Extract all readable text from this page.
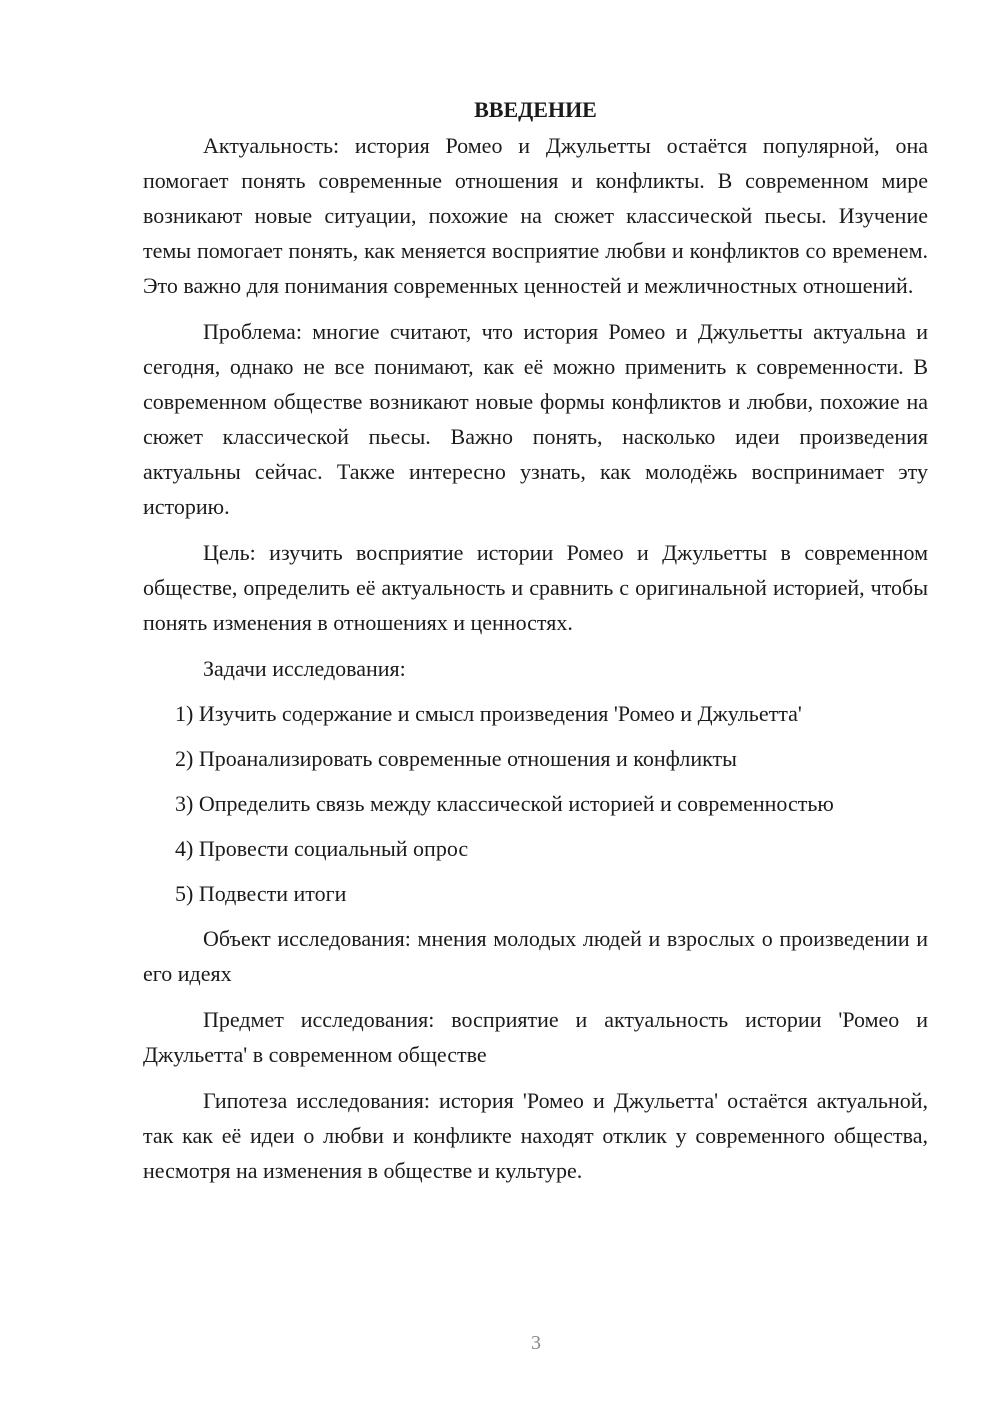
ВВЕДЕНИЕ

Актуальность: история Ромео и Джульетты остаётся популярной, она помогает понять современные отношения и конфликты. В современном мире возникают новые ситуации, похожие на сюжет классической пьесы. Изучение темы помогает понять, как меняется восприятие любви и конфликтов со временем. Это важно для понимания современных ценностей и межличностных отношений.

Проблема: многие считают, что история Ромео и Джульетты актуальна и сегодня, однако не все понимают, как её можно применить к современности. В современном обществе возникают новые формы конфликтов и любви, похожие на сюжет классической пьесы. Важно понять, насколько идеи произведения актуальны сейчас. Также интересно узнать, как молодёжь воспринимает эту историю.

Цель: изучить восприятие истории Ромео и Джульетты в современном обществе, определить её актуальность и сравнить с оригинальной историей, чтобы понять изменения в отношениях и ценностях.

Задачи исследования:

1) Изучить содержание и смысл произведения 'Ромео и Джульетта'
2) Проанализировать современные отношения и конфликты
3) Определить связь между классической историей и современностью
4) Провести социальный опрос
5) Подвести итоги

Объект исследования: мнения молодых людей и взрослых о произведении и его идеях

Предмет исследования: восприятие и актуальность истории 'Ромео и Джульетта' в современном обществе

Гипотеза исследования: история 'Ромео и Джульетта' остаётся актуальной, так как её идеи о любви и конфликте находят отклик у современного общества, несмотря на изменения в обществе и культуре.

3
